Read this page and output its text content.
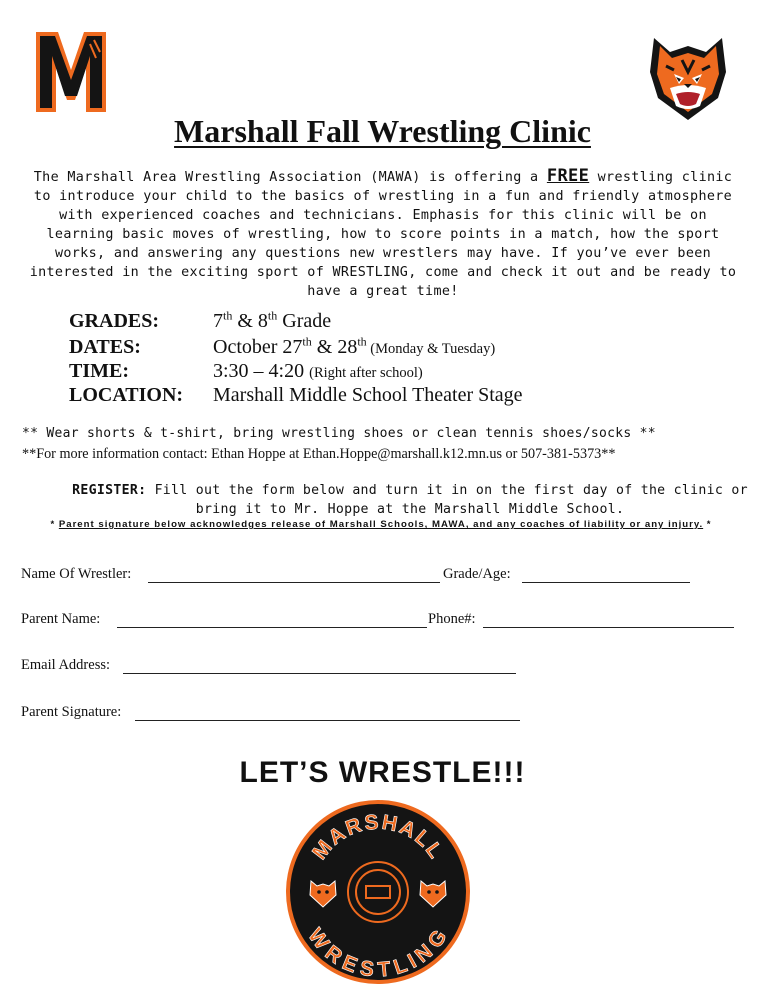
Marshall Fall Wrestling Clinic
The Marshall Area Wrestling Association (MAWA) is offering a FREE wrestling clinic to introduce your child to the basics of wrestling in a fun and friendly atmosphere with experienced coaches and technicians. Emphasis for this clinic will be on learning basic moves of wrestling, how to score points in a match, how the sport works, and answering any questions new wrestlers may have. If you’ve ever been interested in the exciting sport of WRESTLING, come and check it out and be ready to have a great time!
GRADES:	7th & 8th Grade
DATES:	October 27th & 28th (Monday & Tuesday)
TIME:	3:30 – 4:20 (Right after school)
LOCATION: Marshall Middle School Theater Stage
** Wear shorts & t-shirt, bring wrestling shoes or clean tennis shoes/socks **
**For more information contact: Ethan Hoppe at Ethan.Hoppe@marshall.k12.mn.us or 507-381-5373**
REGISTER: Fill out the form below and turn it in on the first day of the clinic or bring it to Mr. Hoppe at the Marshall Middle School.
* Parent signature below acknowledges release of Marshall Schools, MAWA, and any coaches of liability or any injury. *
Name Of Wrestler:	Grade/Age:
Parent Name:	Phone#:
Email Address:
Parent Signature:
LET’S WRESTLE!!!
MARSHALL
WRESTLING
